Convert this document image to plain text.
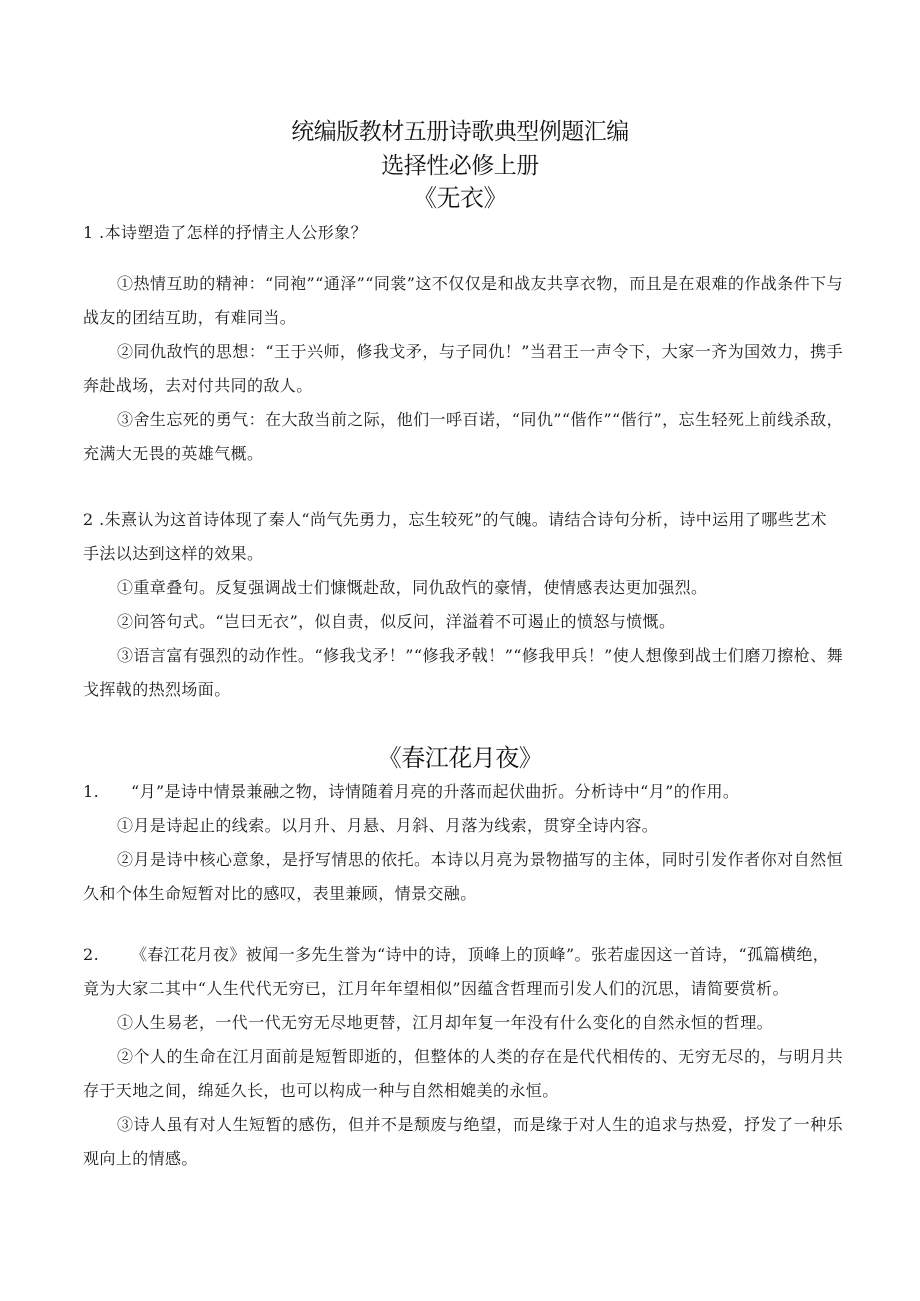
统编版教材五册诗歌典型例题汇编
选择性必修上册
《无衣》
1 .本诗塑造了怎样的抒情主人公形象？
①热情互助的精神：“同袍”“通泽”“同裳”这不仅仅是和战友共享衣物，而且是在艰难的作战条件下与战友的团结互助，有难同当。
②同仇敌忾的思想：“王于兴师，修我戈矛，与子同仇！”当君王一声令下，大家一齐为国效力，携手奔赴战场，去对付共同的敌人。
③舍生忘死的勇气：在大敌当前之际，他们一呼百诺，“同仇”“偕作”“偕行”，忘生轻死上前线杀敌，充满大无畏的英雄气概。
2 .朱熹认为这首诗体现了秦人“尚气先勇力，忘生较死”的气魄。请结合诗句分析，诗中运用了哪些艺术手法以达到这样的效果。
①重章叠句。反复强调战士们慷慨赴敌，同仇敌忾的豪情，使情感表达更加强烈。
②问答句式。“岂曰无衣”，似自责，似反问，洋溢着不可遏止的愤怒与愤慨。
③语言富有强烈的动作性。“修我戈矛！”“修我矛戟！”“修我甲兵！”使人想像到战士们磨刀擦枪、舞戈挥戟的热烈场面。
《春江花月夜》
1. “月”是诗中情景兼融之物，诗情随着月亮的升落而起伏曲折。分析诗中“月”的作用。
①月是诗起止的线索。以月升、月悬、月斜、月落为线索，贯穿全诗内容。
②月是诗中核心意象，是抒写情思的依托。本诗以月亮为景物描写的主体，同时引发作者你对自然恒久和个体生命短暂对比的感叹，表里兼顾，情景交融。
2. 《春江花月夜》被闻一多先生誉为“诗中的诗，顶峰上的顶峰”。张若虚因这一首诗，“孤篇横绝，竟为大家二其中“人生代代无穷已，江月年年望相似”因蕴含哲理而引发人们的沉思，请简要赏析。
①人生易老，一代一代无穷无尽地更替，江月却年复一年没有什么变化的自然永恒的哲理。
②个人的生命在江月面前是短暂即逝的，但整体的人类的存在是代代相传的、无穷无尽的，与明月共存于天地之间，绵延久长，也可以构成一种与自然相媲美的永恒。
③诗人虽有对人生短暂的感伤，但并不是颓废与绝望，而是缘于对人生的追求与热爱，抒发了一种乐观向上的情感。
